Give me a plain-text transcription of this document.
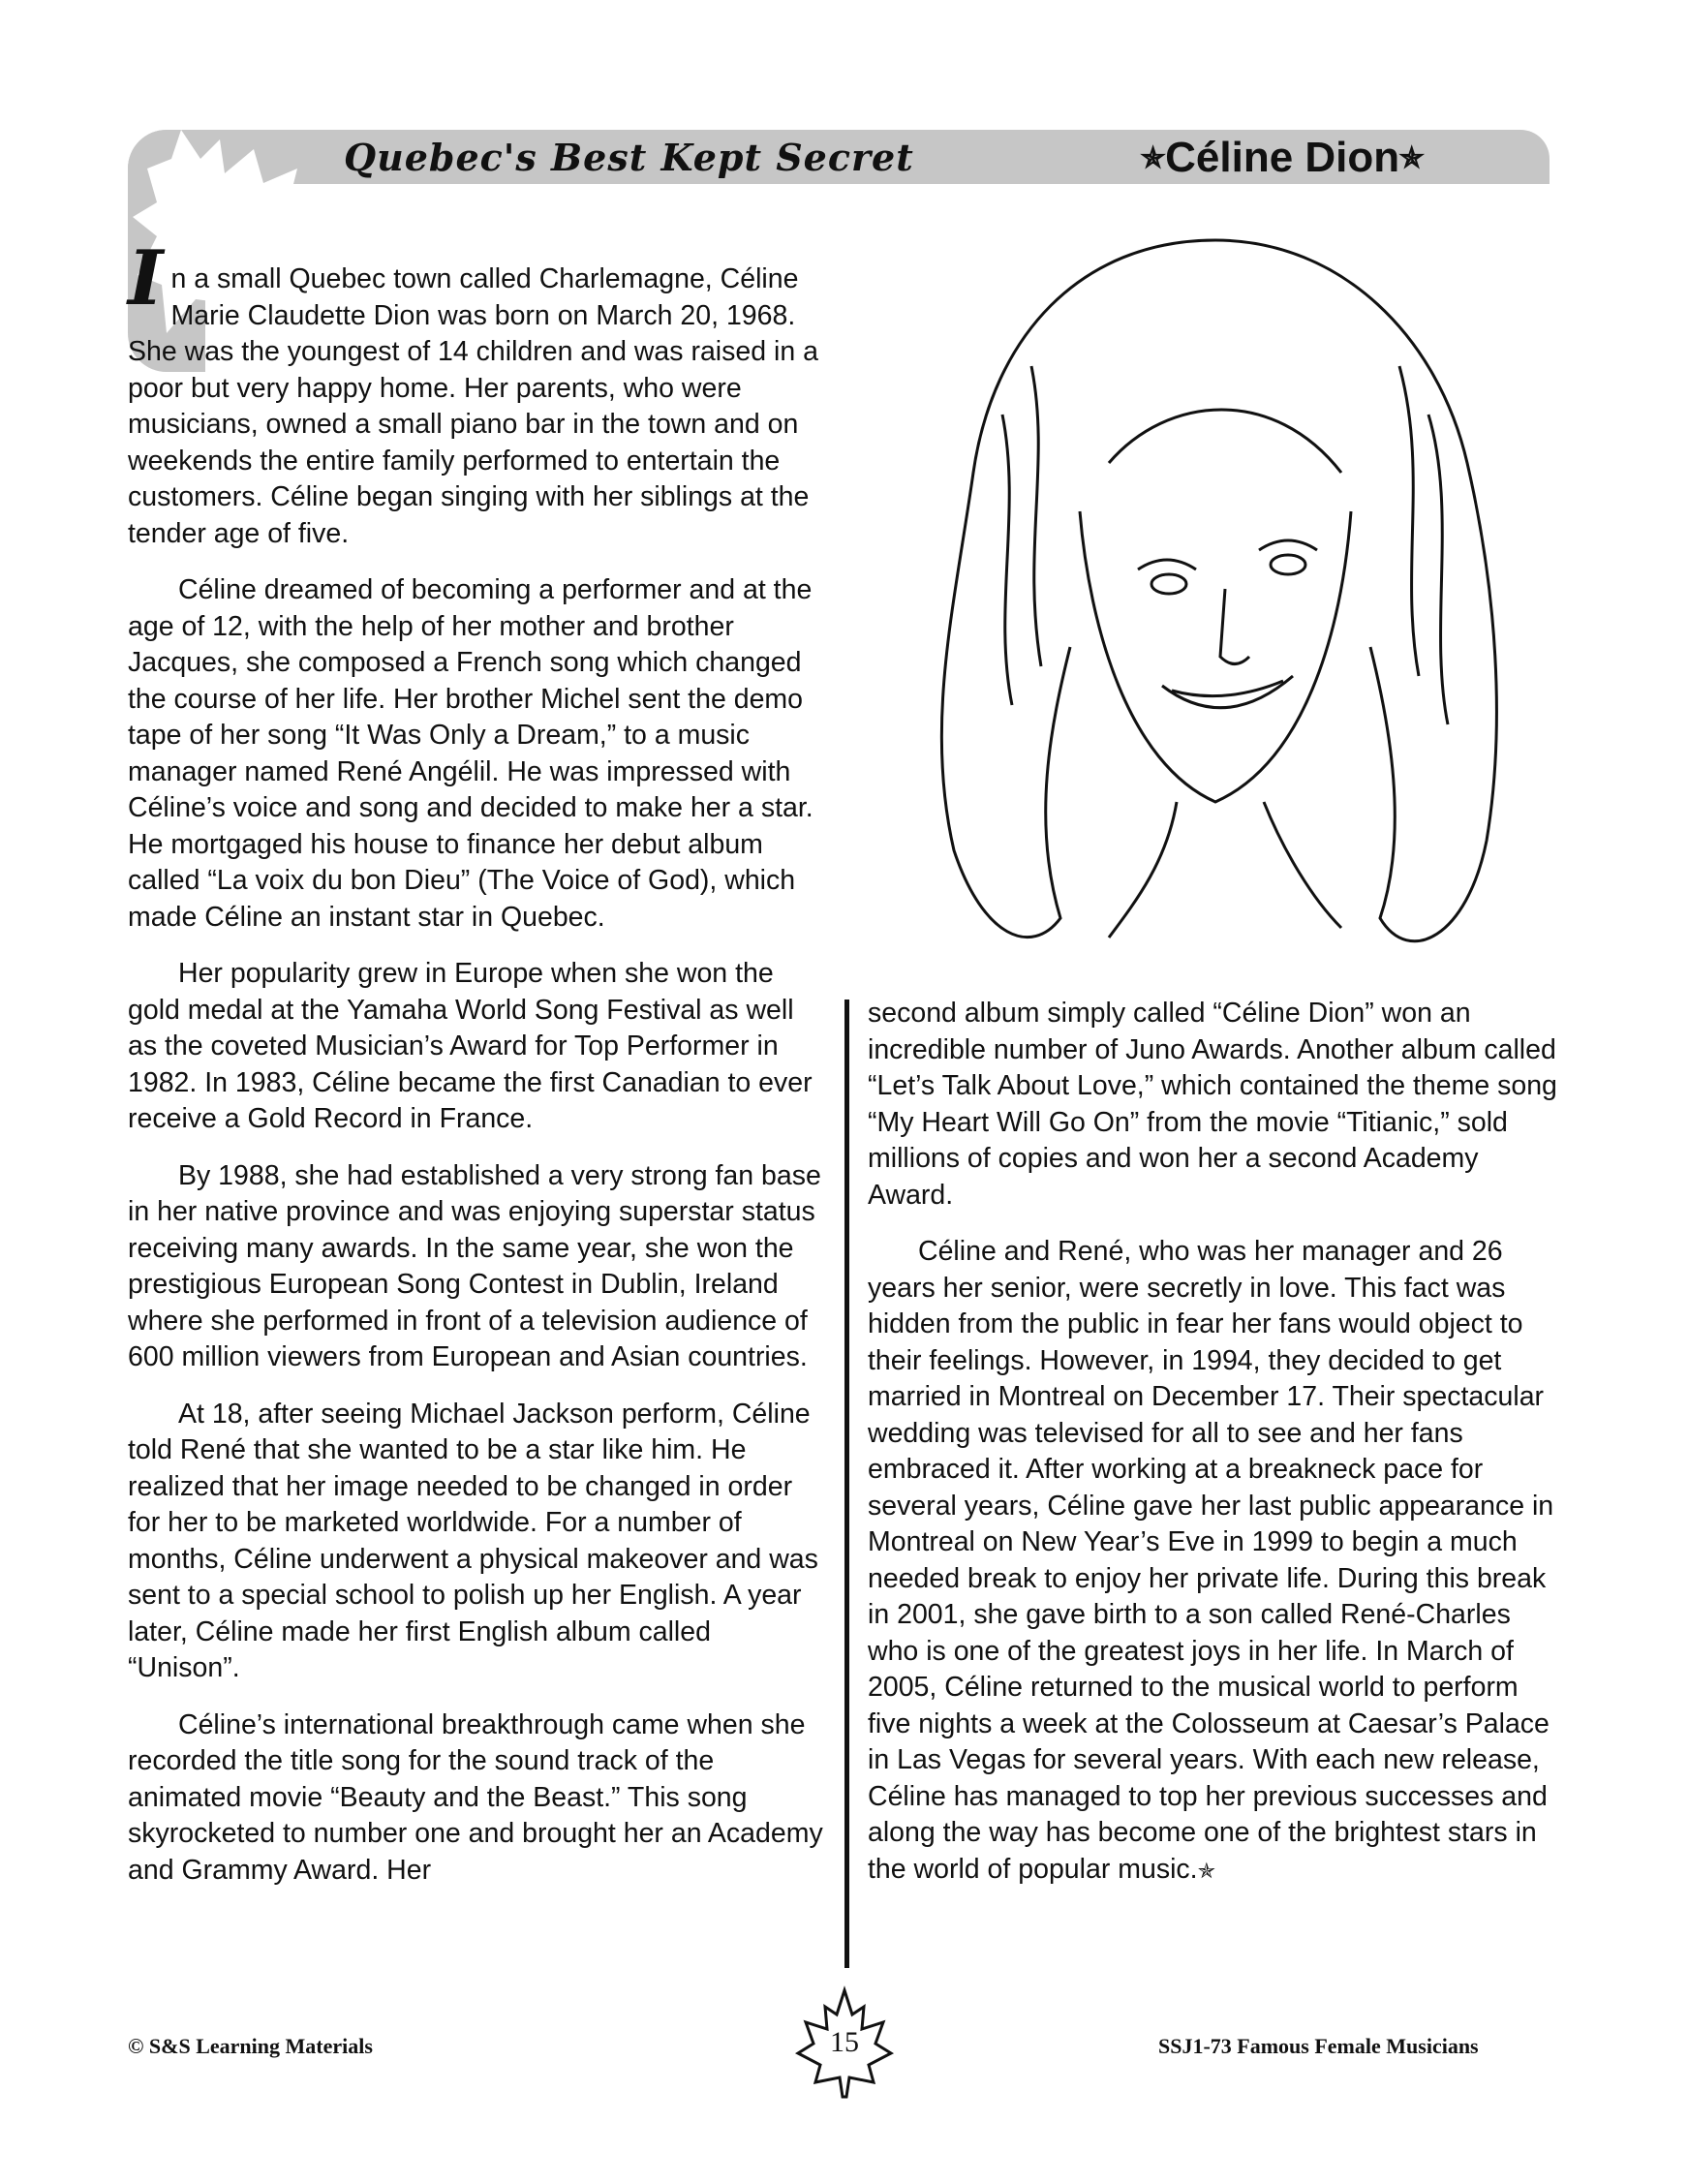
Quebec's Best Kept Secret	✯Céline Dion✯

In a small Quebec town called Charlemagne, Céline Marie Claudette Dion was born on March 20, 1968. She was the youngest of 14 children and was raised in a poor but very happy home. Her parents, who were musicians, owned a small piano bar in the town and on weekends the entire family performed to entertain the customers. Céline began singing with her siblings at the tender age of five.

Céline dreamed of becoming a performer and at the age of 12, with the help of her mother and brother Jacques, she composed a French song which changed the course of her life. Her brother Michel sent the demo tape of her song “It Was Only a Dream,” to a music manager named René Angélil. He was impressed with Céline’s voice and song and decided to make her a star. He mortgaged his house to finance her debut album called “La voix du bon Dieu” (The Voice of God), which made Céline an instant star in Quebec.

Her popularity grew in Europe when she won the gold medal at the Yamaha World Song Festival as well as the coveted Musician’s Award for Top Performer in 1982. In 1983, Céline became the first Canadian to ever receive a Gold Record in France.

By 1988, she had established a very strong fan base in her native province and was enjoying superstar status receiving many awards. In the same year, she won the prestigious European Song Contest in Dublin, Ireland where she performed in front of a television audience of 600 million viewers from European and Asian countries.

At 18, after seeing Michael Jackson perform, Céline told René that she wanted to be a star like him. He realized that her image needed to be changed in order for her to be marketed worldwide. For a number of months, Céline underwent a physical makeover and was sent to a special school to polish up her English. A year later, Céline made her first English album called “Unison”.

Céline’s international breakthrough came when she recorded the title song for the sound track of the animated movie “Beauty and the Beast.” This song skyrocketed to number one and brought her an Academy and Grammy Award. Her

second album simply called “Céline Dion” won an incredible number of Juno Awards. Another album called “Let’s Talk About Love,” which contained the theme song “My Heart Will Go On” from the movie “Titianic,” sold millions of copies and won her a second Academy Award.

Céline and René, who was her manager and 26 years her senior, were secretly in love. This fact was hidden from the public in fear her fans would object to their feelings. However, in 1994, they decided to get married in Montreal on December 17. Their spectacular wedding was televised for all to see and her fans embraced it. After working at a breakneck pace for several years, Céline gave her last public appearance in Montreal on New Year’s Eve in 1999 to begin a much needed break to enjoy her private life. During this break in 2001, she gave birth to a son called René-Charles who is one of the greatest joys in her life. In March of 2005, Céline returned to the musical world to perform five nights a week at the Colosseum at Caesar’s Palace in Las Vegas for several years. With each new release, Céline has managed to top her previous successes and along the way has become one of the brightest stars in the world of popular music.✯

© S&S Learning Materials	15	SSJ1-73 Famous Female Musicians
